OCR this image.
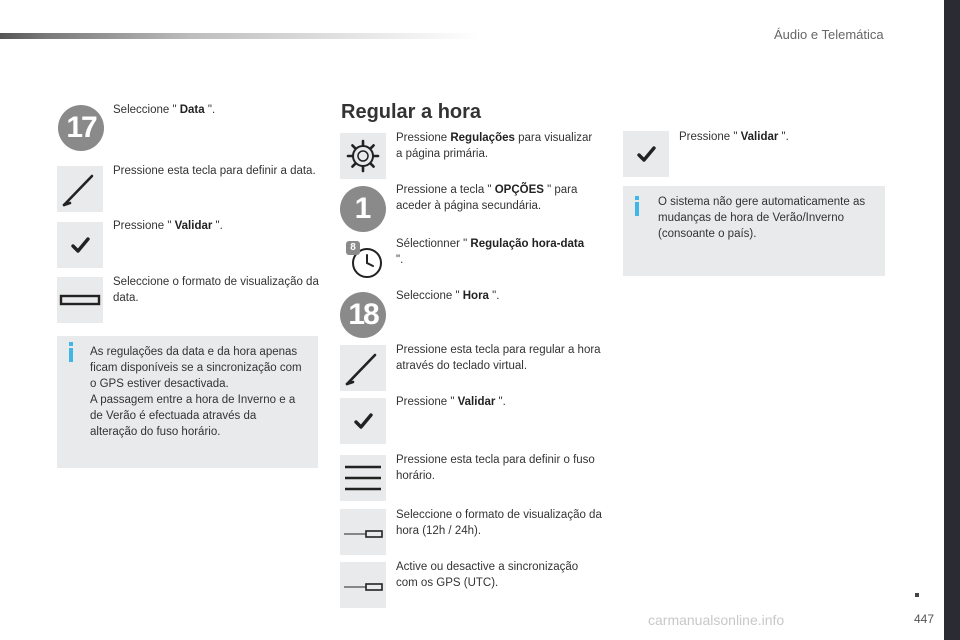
Áudio e Telemática
17
Seleccione " Data ".
Pressione esta tecla para definir a data.
Pressione " Validar ".
Seleccione o formato de visualização da data.
As regulações da data e da hora apenas ficam disponíveis se a sincronização com o GPS estiver desactivada.
A passagem entre a hora de Inverno e a de Verão é efectuada através da alteração do fuso horário.
Regular a hora
Pressione Regulações para visualizar a página primária.
1
Pressione a tecla " OPÇÕES " para aceder à página secundária.
8	Sélectionner " Regulação hora-data ".
18
Seleccione " Hora ".
Pressione esta tecla para regular a hora através do teclado virtual.
Pressione " Validar ".
Pressione esta tecla para definir o fuso horário.
Seleccione o formato de visualização da hora (12h / 24h).
Active ou desactive a sincronização com os GPS (UTC).
Pressione " Validar ".
O sistema não gere automaticamente as mudanças de hora de Verão/Inverno (consoante o país).
447
carmanualsonline.info
